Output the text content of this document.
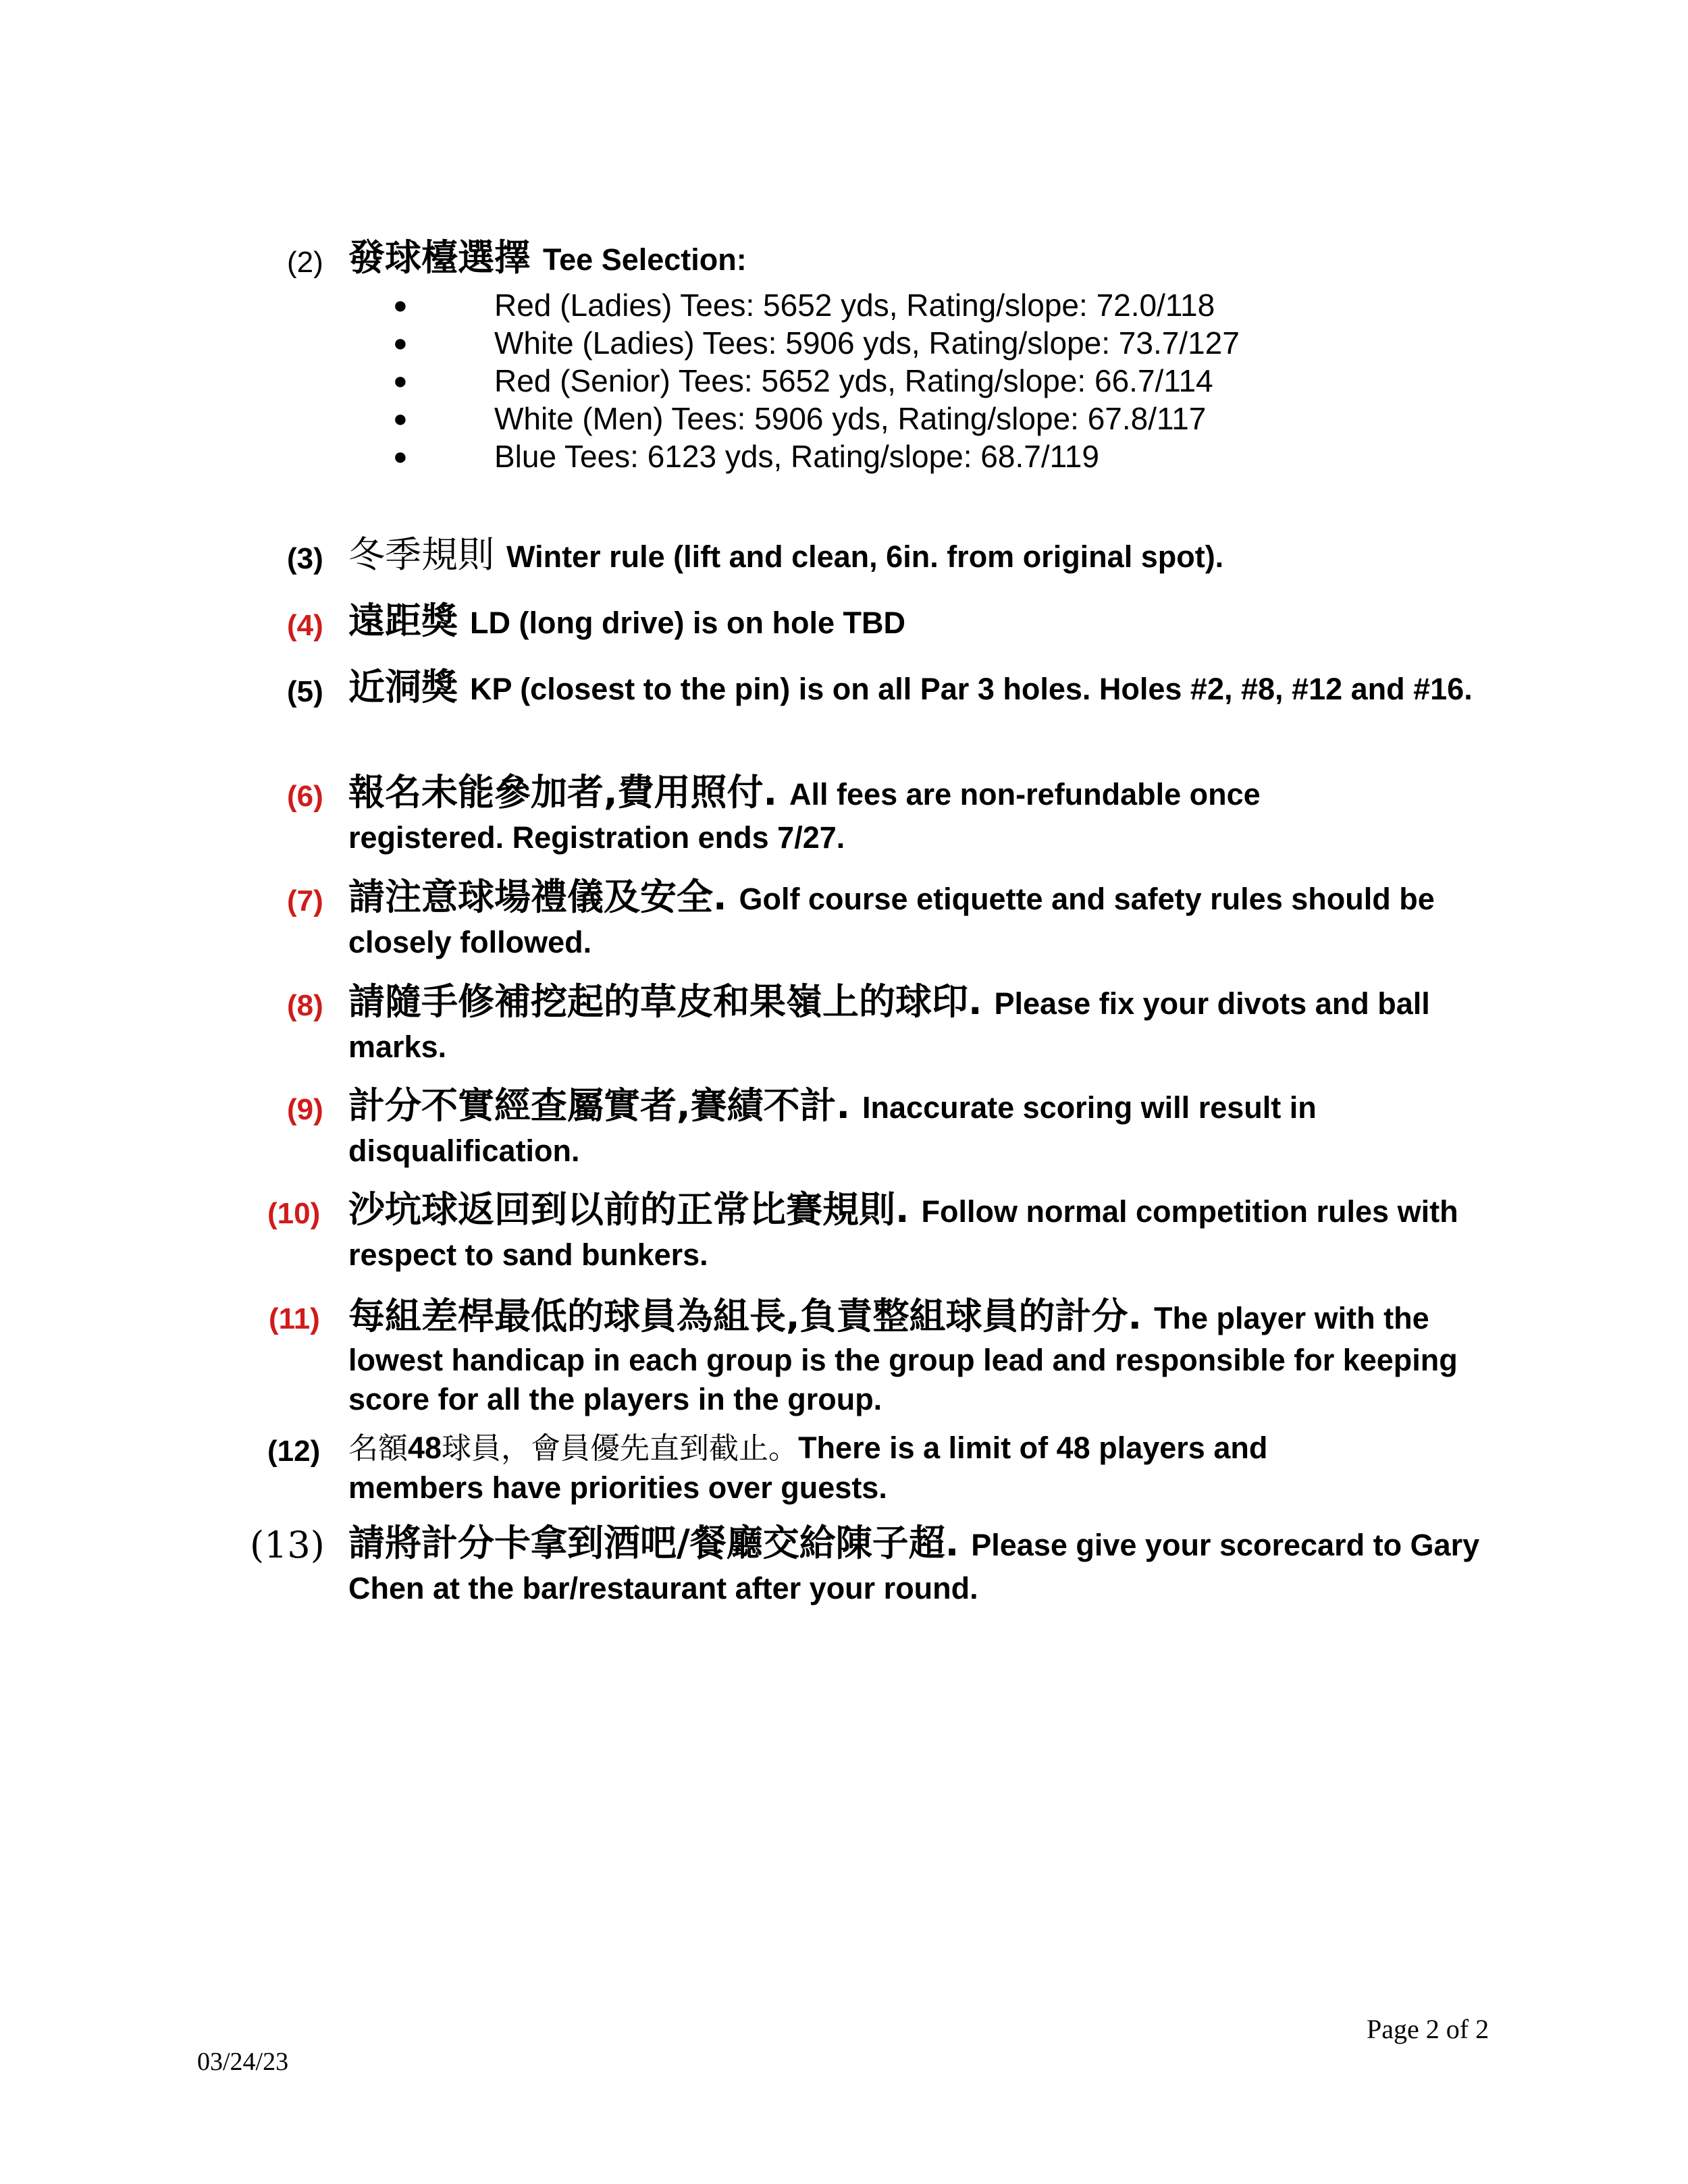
(2) 發球檯選擇 Tee Selection:
●	Red (Ladies) Tees: 5652 yds, Rating/slope: 72.0/118
●	White (Ladies) Tees: 5906 yds, Rating/slope: 73.7/127
●	Red (Senior) Tees: 5652 yds, Rating/slope: 66.7/114
●	White (Men) Tees: 5906 yds, Rating/slope: 67.8/117
●	Blue Tees: 6123 yds, Rating/slope: 68.7/119
(3) 冬季規則 Winter rule (lift and clean, 6in. from original spot).
(4) 遠距獎 LD (long drive) is on hole TBD
(5) 近洞獎 KP (closest to the pin) is on all Par 3 holes. Holes #2, #8, #12 and #16.
(6) 報名未能參加者,費用照付. All fees are non-refundable once registered. Registration ends 7/27.
(7) 請注意球場禮儀及安全. Golf course etiquette and safety rules should be closely followed.
(8) 請隨手修補挖起的草皮和果嶺上的球印. Please fix your divots and ball marks.
(9) 計分不實經查屬實者,賽績不計. Inaccurate scoring will result in disqualification.
(10) 沙坑球返回到以前的正常比賽規則. Follow normal competition rules with respect to sand bunkers.
(11) 每組差桿最低的球員為組長,負責整組球員的計分. The player with the lowest handicap in each group is the group lead and responsible for keeping score for all the players in the group.
(12) 名額48球員，會員優先直到截止。There is a limit of 48 players and members have priorities over guests.
(13) 請將計分卡拿到酒吧/餐廳交給陳子超. Please give your scorecard to Gary Chen at the bar/restaurant after your round.
Page 2 of 2
03/24/23
